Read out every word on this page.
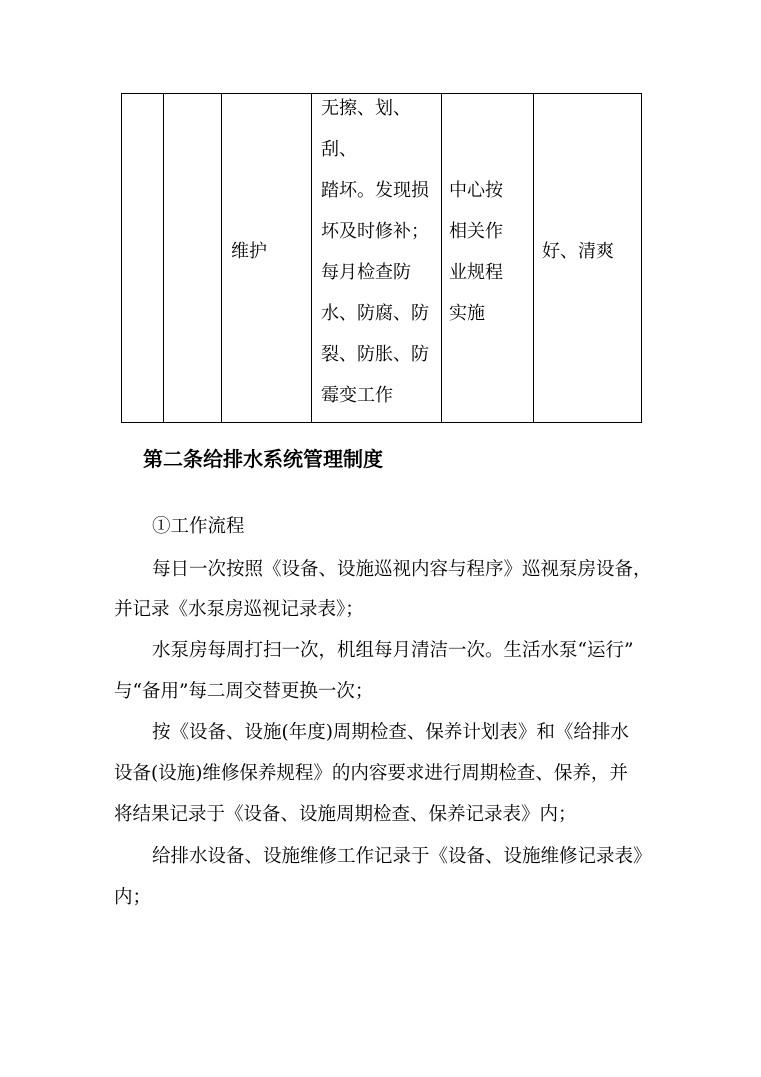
维护
无擦、划、
刮、
踏坏。发现损
坏及时修补；
每月检查防
水、防腐、防
裂、防胀、防
霉变工作
中心按
相关作
业规程
实施
好、清爽
第二条给排水系统管理制度
①工作流程
每日一次按照《设备、设施巡视内容与程序》巡视泵房设备，
并记录《水泵房巡视记录表》；
水泵房每周打扫一次，机组每月清洁一次。生活水泵“运行”
与“备用”每二周交替更换一次；
按《设备、设施(年度)周期检查、保养计划表》和《给排水
设备(设施)维修保养规程》的内容要求进行周期检查、保养，并
将结果记录于《设备、设施周期检查、保养记录表》内；
给排水设备、设施维修工作记录于《设备、设施维修记录表》
内；
